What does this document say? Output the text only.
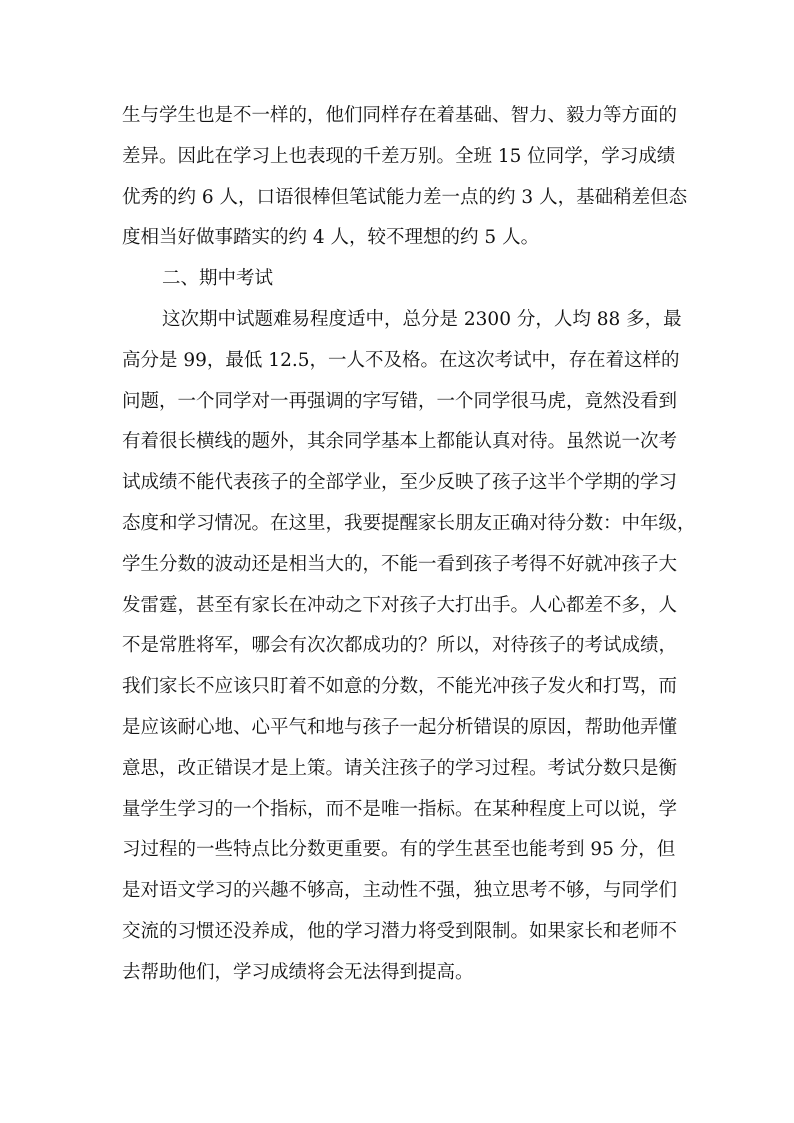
生与学生也是不一样的，他们同样存在着基础、智力、毅力等方面的
差异。因此在学习上也表现的千差万别。全班 15 位同学，学习成绩
优秀的约 6 人，口语很棒但笔试能力差一点的约 3 人，基础稍差但态
度相当好做事踏实的约 4 人，较不理想的约 5 人。
二、期中考试
这次期中试题难易程度适中，总分是 2300 分，人均 88 多，最
高分是 99，最低 12.5，一人不及格。在这次考试中，存在着这样的
问题，一个同学对一再强调的字写错，一个同学很马虎，竟然没看到
有着很长横线的题外，其余同学基本上都能认真对待。虽然说一次考
试成绩不能代表孩子的全部学业，至少反映了孩子这半个学期的学习
态度和学习情况。在这里，我要提醒家长朋友正确对待分数：中年级，
学生分数的波动还是相当大的，不能一看到孩子考得不好就冲孩子大
发雷霆，甚至有家长在冲动之下对孩子大打出手。人心都差不多，人
不是常胜将军，哪会有次次都成功的？所以，对待孩子的考试成绩，
我们家长不应该只盯着不如意的分数，不能光冲孩子发火和打骂，而
是应该耐心地、心平气和地与孩子一起分析错误的原因，帮助他弄懂
意思，改正错误才是上策。请关注孩子的学习过程。考试分数只是衡
量学生学习的一个指标，而不是唯一指标。在某种程度上可以说，学
习过程的一些特点比分数更重要。有的学生甚至也能考到 95 分，但
是对语文学习的兴趣不够高，主动性不强，独立思考不够，与同学们
交流的习惯还没养成，他的学习潜力将受到限制。如果家长和老师不
去帮助他们，学习成绩将会无法得到提高。
